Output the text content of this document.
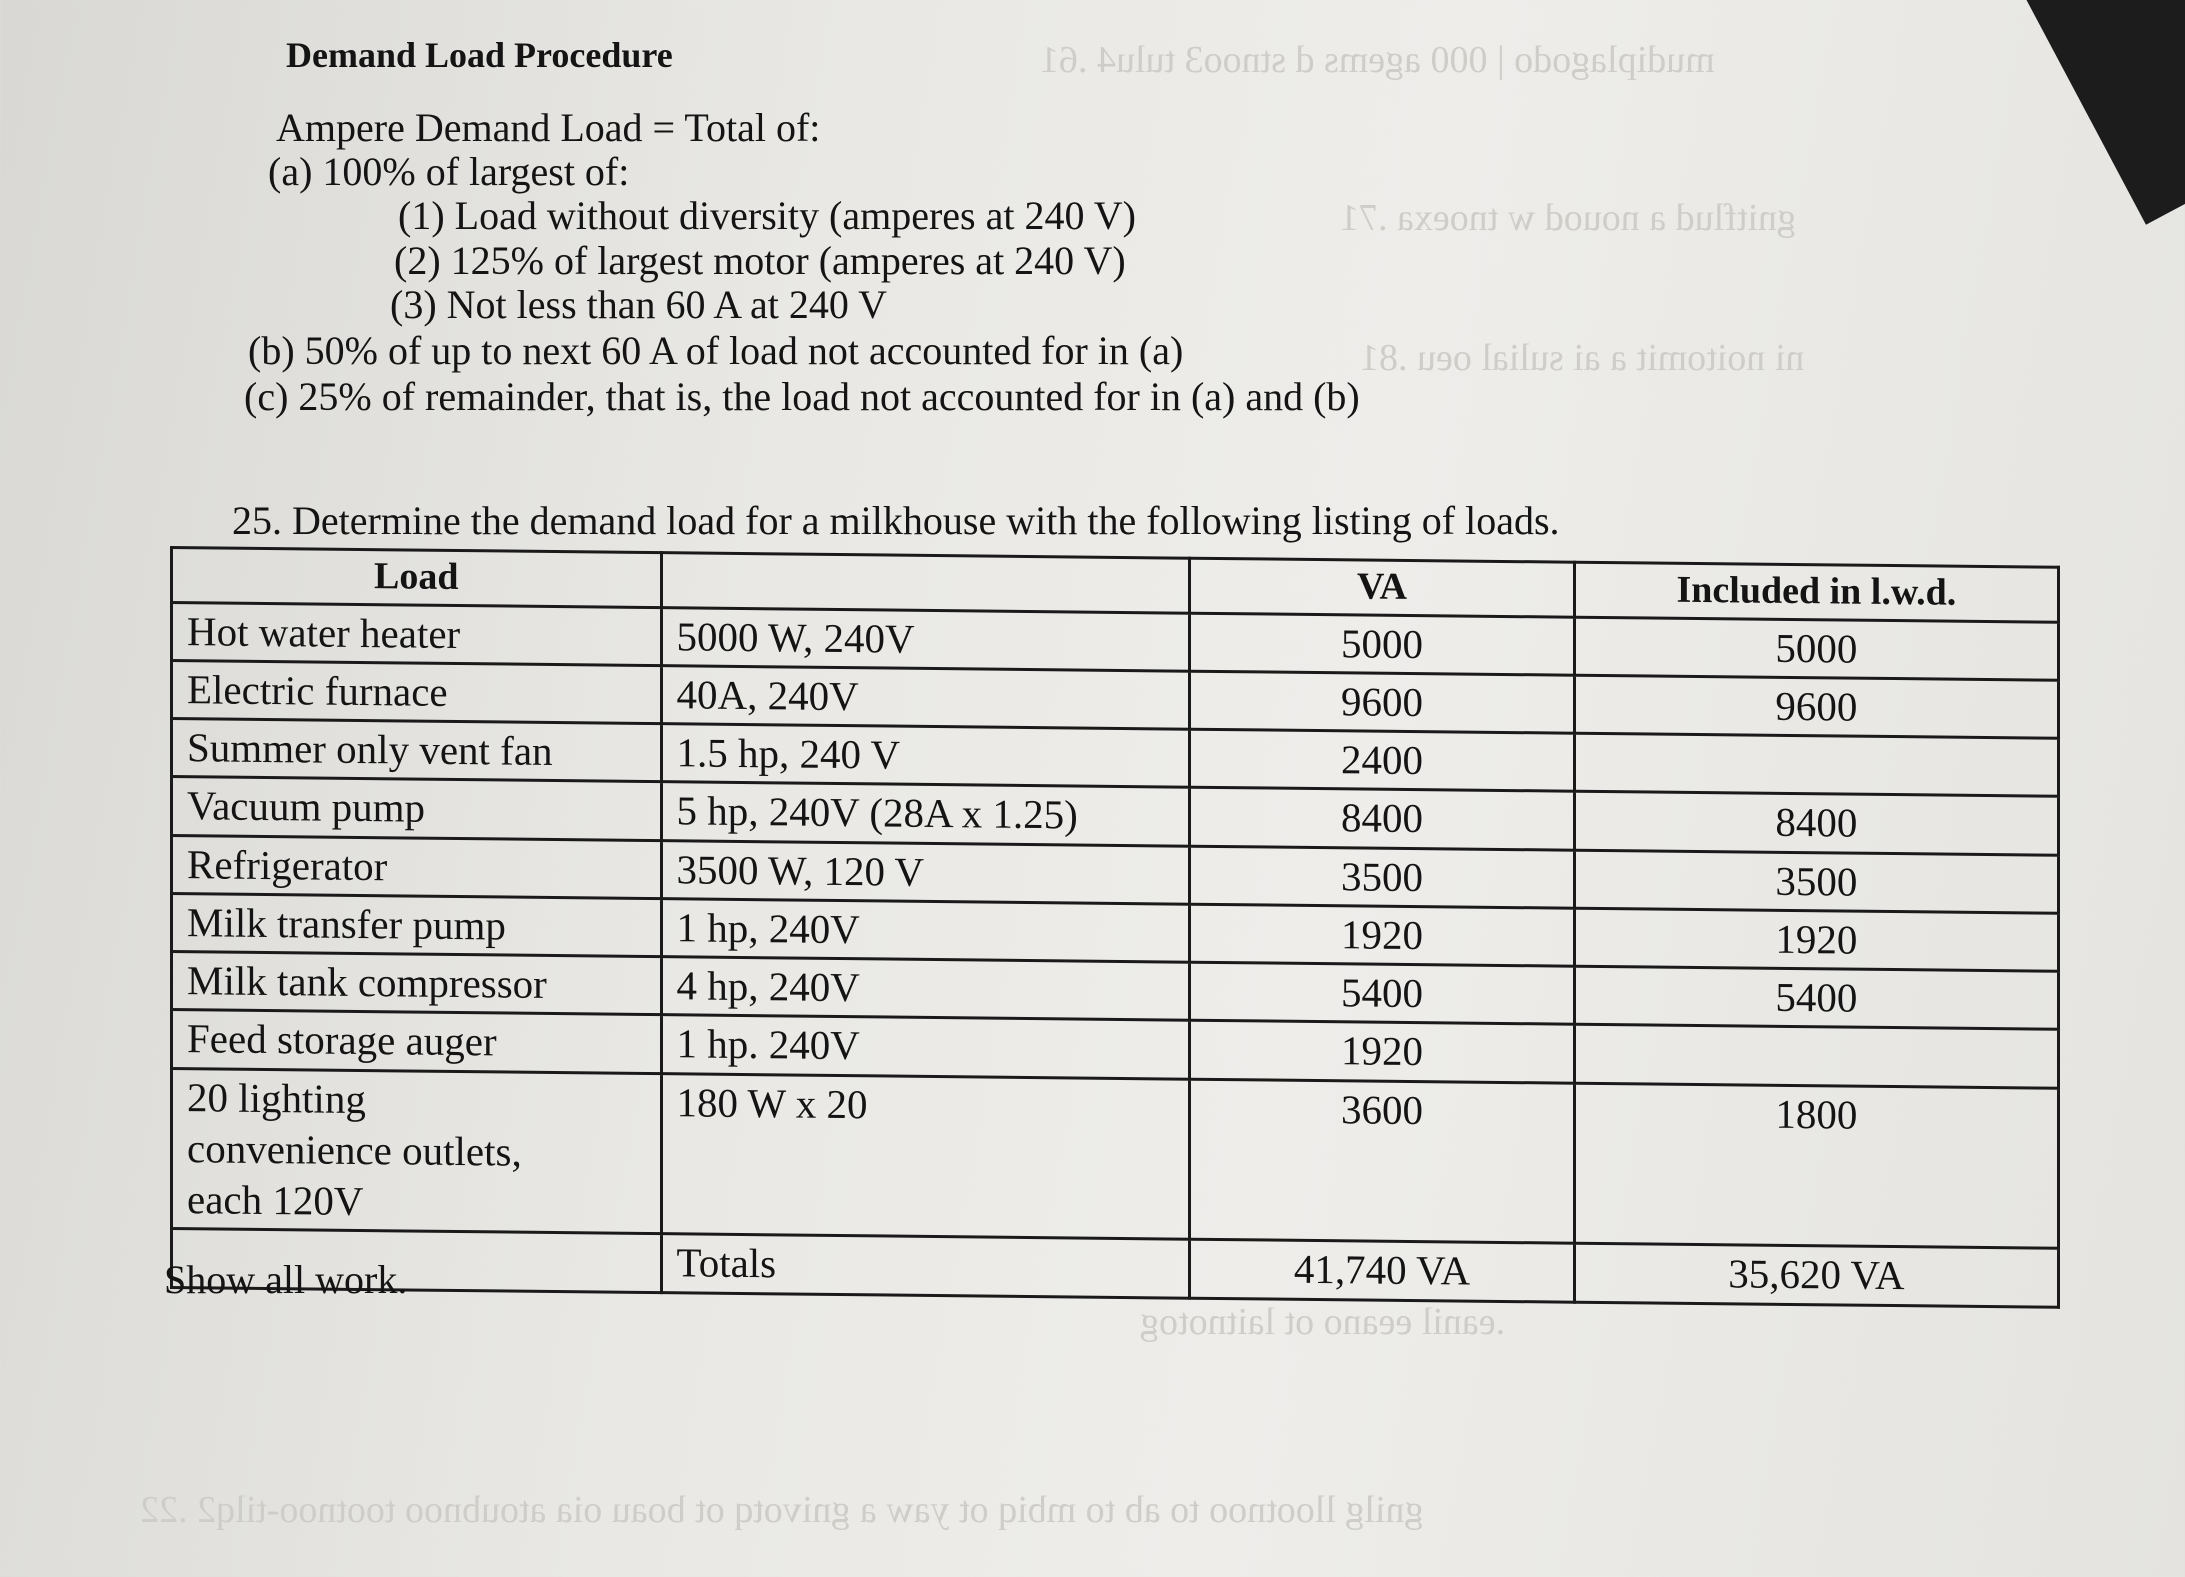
mudiplagodo | 000 agems d stnoo3 tulu4 .61
gnitflud a nouod w tnoexa .71
ni noitomit a ai sulial oeu .81
.eanil eeano ot laitnotog
gnilg llootnoo to ab to mbiq ot yaw a gnivotq ot boau oia atoubnoo tootnoo-tilq2 .22
Demand Load Procedure
Ampere Demand Load = Total of:
(a) 100% of largest of:
(1) Load without diversity (amperes at 240 V)
(2) 125% of largest motor (amperes at 240 V)
(3) Not less than 60 A at 240 V
(b) 50% of up to next 60 A of load not accounted for in (a)
(c) 25% of remainder, that is, the load not accounted for in (a) and (b)
25. Determine the demand load for a milkhouse with the following listing of loads.
Load		VA	Included in l.w.d.
Hot water heater	5000 W, 240V	5000	5000
Electric furnace	40A, 240V	9600	9600
Summer only vent fan	1.5 hp, 240 V	2400	
Vacuum pump	5 hp, 240V (28A x 1.25)	8400	8400
Refrigerator	3500 W, 120 V	3500	3500
Milk transfer pump	1 hp, 240V	1920	1920
Milk tank compressor	4 hp, 240V	5400	5400
Feed storage auger	1 hp. 240V	1920	

20 lighting
convenience outlets,
each 120V	180 W x 20	3600	1800
	Totals	41,740 VA	35,620 VA
Show all work.
